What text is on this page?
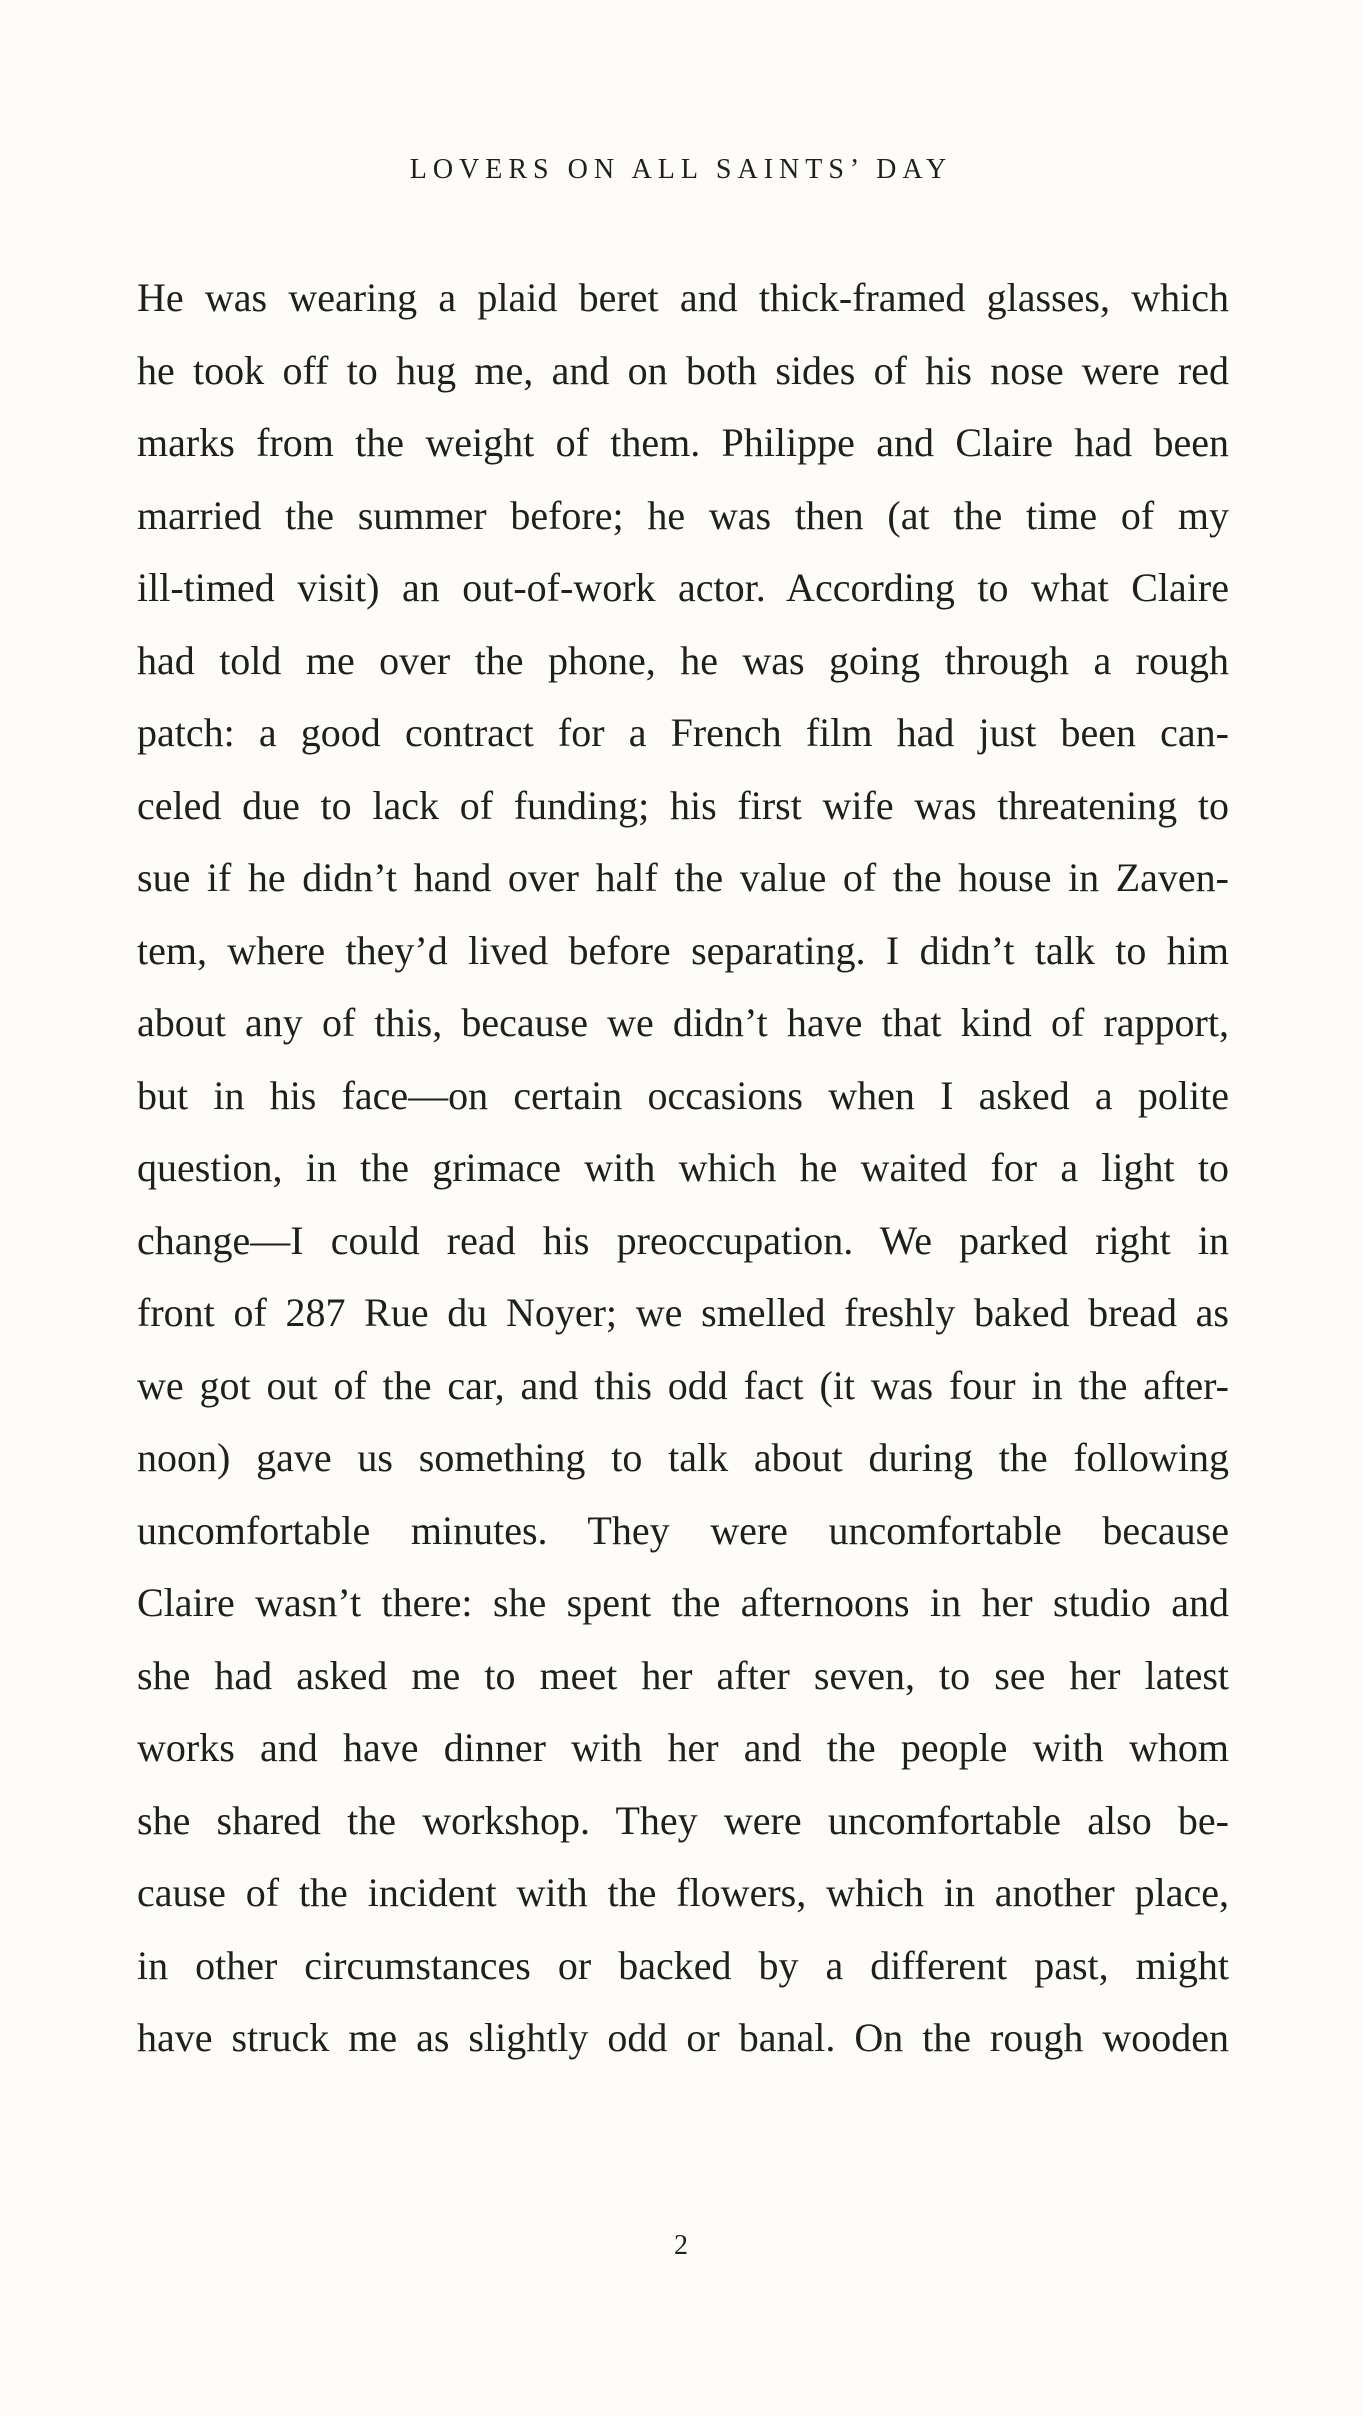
LOVERS ON ALL SAINTS’ DAY
He was wearing a plaid beret and thick-framed glasses, which
he took off to hug me, and on both sides of his nose were red
marks from the weight of them. Philippe and Claire had been
married the summer before; he was then (at the time of my
ill-timed visit) an out-of-work actor. According to what Claire
had told me over the phone, he was going through a rough
patch: a good contract for a French film had just been can-
celed due to lack of funding; his first wife was threatening to
sue if he didn’t hand over half the value of the house in Zaven-
tem, where they’d lived before separating. I didn’t talk to him
about any of this, because we didn’t have that kind of rapport,
but in his face—on certain occasions when I asked a polite
question, in the grimace with which he waited for a light to
change—I could read his preoccupation. We parked right in
front of 287 Rue du Noyer; we smelled freshly baked bread as
we got out of the car, and this odd fact (it was four in the after-
noon) gave us something to talk about during the following
uncomfortable minutes. They were uncomfortable because
Claire wasn’t there: she spent the afternoons in her studio and
she had asked me to meet her after seven, to see her latest
works and have dinner with her and the people with whom
she shared the workshop. They were uncomfortable also be-
cause of the incident with the flowers, which in another place,
in other circumstances or backed by a different past, might
have struck me as slightly odd or banal. On the rough wooden
2
